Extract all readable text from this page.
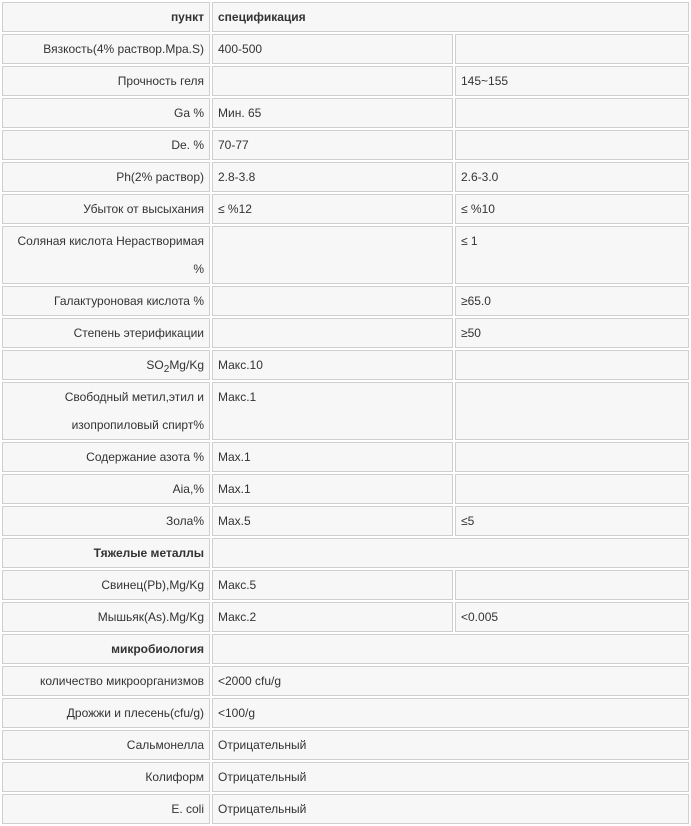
пункт	спецификация	
Вязкость(4% раствор.Mpa.S)	400-500	
Прочность геля		145~155
Ga %	Мин. 65	
De. %	70-77	
Ph(2% раствор)	2.8-3.8	2.6-3.0
Убыток от высыхания	≤ %12	≤ %10
Соляная кислота Нерастворимая %		≤ 1
Галактуроновая кислота %		≥65.0
Степень этерификации		≥50
$SO_2Mg/Kg$	Макс.10	
Свободный метил,этил и изопропиловый спирт%	Макс.1	
Содержание азота %	Max.1	
Aia,%	Max.1	
Зола%	Max.5	≤5
Тяжелые металлы		
Свинец(Pb),Mg/Kg	Макс.5	
Мышьяк(As).Mg/Kg	Макс.2	<0.005
микробиология		
количество микроорганизмов	<2000 cfu/g	
Дрожжи и плесень(cfu/g)	<100/g	
Сальмонелла	Отрицательный	
Колиформ	Отрицательный	
E. coli	Отрицательный	
